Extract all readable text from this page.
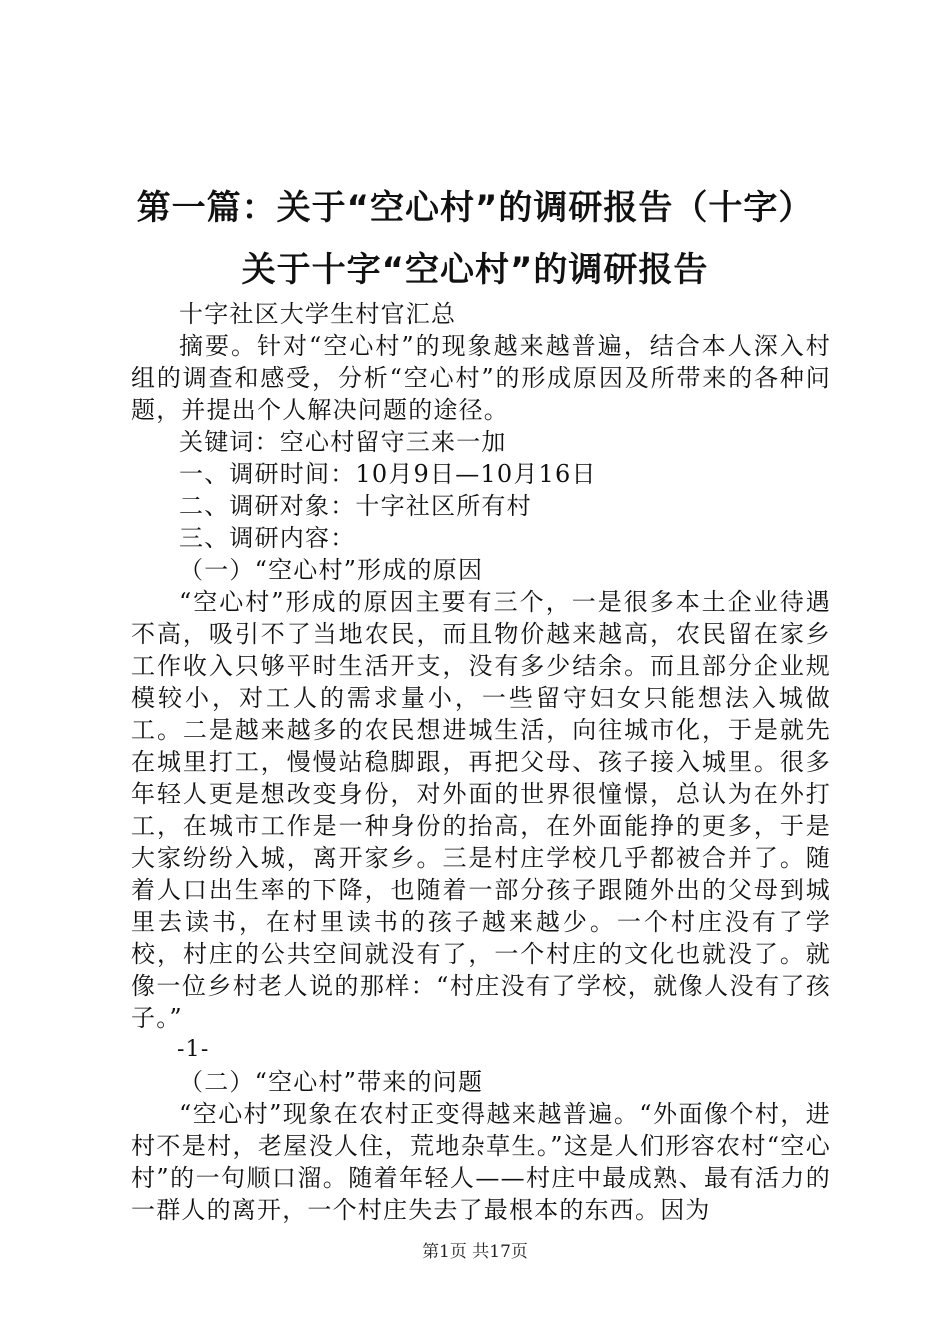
第一篇：关于“空心村”的调研报告（十字）
关于十字“空心村”的调研报告

十字社区大学生村官汇总

摘要。针对“空心村”的现象越来越普遍，结合本人深入村组的调查和感受，分析“空心村”的形成原因及所带来的各种问题，并提出个人解决问题的途径。

关键词：空心村留守三来一加

一、调研时间：10月9日—10月16日

二、调研对象：十字社区所有村

三、调研内容：

（一）“空心村”形成的原因

“空心村”形成的原因主要有三个，一是很多本土企业待遇不高，吸引不了当地农民，而且物价越来越高，农民留在家乡工作收入只够平时生活开支，没有多少结余。而且部分企业规模较小，对工人的需求量小，一些留守妇女只能想法入城做工。二是越来越多的农民想进城生活，向往城市化，于是就先在城里打工，慢慢站稳脚跟，再把父母、孩子接入城里。很多年轻人更是想改变身份，对外面的世界很憧憬，总认为在外打工，在城市工作是一种身份的抬高，在外面能挣的更多，于是大家纷纷入城，离开家乡。三是村庄学校几乎都被合并了。随着人口出生率的下降，也随着一部分孩子跟随外出的父母到城里去读书，在村里读书的孩子越来越少。一个村庄没有了学校，村庄的公共空间就没有了，一个村庄的文化也就没了。就像一位乡村老人说的那样：“村庄没有了学校，就像人没有了孩子。”

-1-

（二）“空心村”带来的问题

“空心村”现象在农村正变得越来越普遍。“外面像个村，进村不是村，老屋没人住，荒地杂草生。”这是人们形容农村“空心村”的一句顺口溜。随着年轻人——村庄中最成熟、最有活力的一群人的离开，一个村庄失去了最根本的东西。因为

第1页 共17页
